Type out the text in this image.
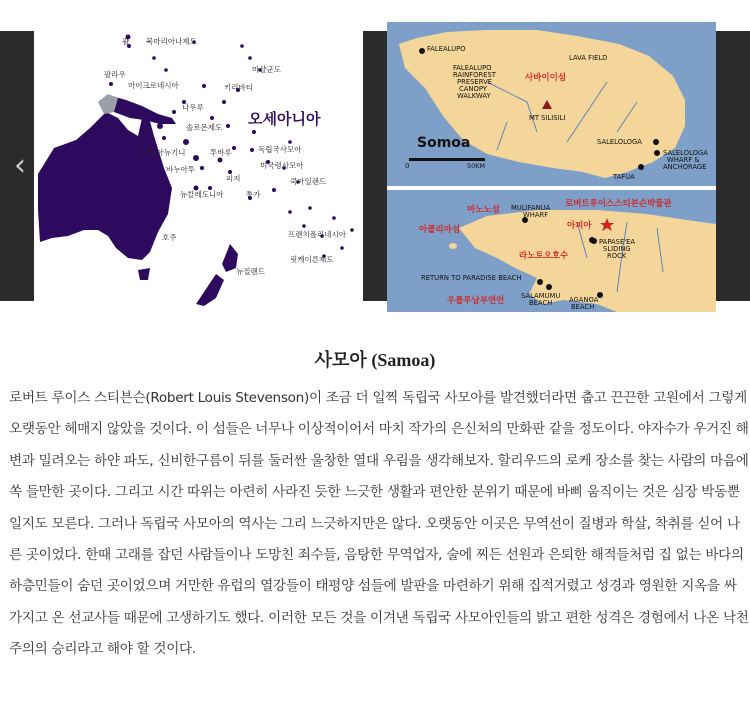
‹
오세아니아
괌 북마리아나제도
팔라우
마이크로네시아
마샬군도
키리바티
나우루
솔로몬제도
파푸아뉴기니	투바루	독립국사모아
미국령사모아
바누아투
피지	쿡아일랜드
뉴칼레도니아	통가
호주	프렌치폴리네시아
핏케이른제도
뉴질랜드
0	50KM
Somoa
FALEALUPO
FALEALUPO
RAINFOREST
PRESERVE
CANOPY
WALKWAY
LAVA FIELD
MT SILISILI
SALELOLOGA
SALELOLOGA
WHARF &
ANCHORAGE
TAFUA
MULIFANUA
WHARF
PAPASE'EA
SLIDING
ROCK
RETURN TO PARADISE BEACH
SALAMUMU
BEACH AGANOA
BEACH
사바이이섬
마노노섬
로버트루이스스티븐슨박물관
아폴리마섬	아피아
라노토오호수
우폴루남부연안
사모아 (Samoa)

로버트 루이스 스티븐슨(Robert Louis Stevenson)이 조금 더 일찍 독립국 사모아를 발견했더라면 춥고 끈끈한 고원에서 그렇게 오랫동안 헤매지 않았을 것이다. 이 섬들은 너무나 이상적이어서 마치 작가의 은신처의 만화판 같을 정도이다. 야자수가 우거진 해변과 밀려오는 하얀 파도, 신비한구름이 뒤를 둘러싼 울창한 열대 우림을 생각해보자. 할리우드의 로케 장소를 찾는 사람의 마음에쏙 들만한 곳이다. 그리고 시간 따위는 아련히 사라진 듯한 느긋한 생활과 편안한 분위기 때문에 바삐 움직이는 것은 심장 박동뿐일지도 모른다. 그러나 독립국 사모아의 역사는 그리 느긋하지만은 않다. 오랫동안 이곳은 무역선이 질병과 학살, 착취를 싣어 나른 곳이었다. 한때 고래를 잡던 사람들이나 도망친 죄수들, 음탕한 무역업자, 술에 찌든 선원과 은퇴한 해적들처럼 집 없는 바다의 하층민들이 숨던 곳이었으며 거만한 유럽의 열강들이 태평양 섬들에 발판을 마련하기 위해 집적거렸고 성경과 영원한 지옥을 싸 가지고 온 선교사들 때문에 고생하기도 했다. 이러한 모든 것을 이겨낸 독립국 사모아인들의 밝고 편한 성격은 경험에서 나온 낙천주의의 승리라고 해야 할 것이다.
